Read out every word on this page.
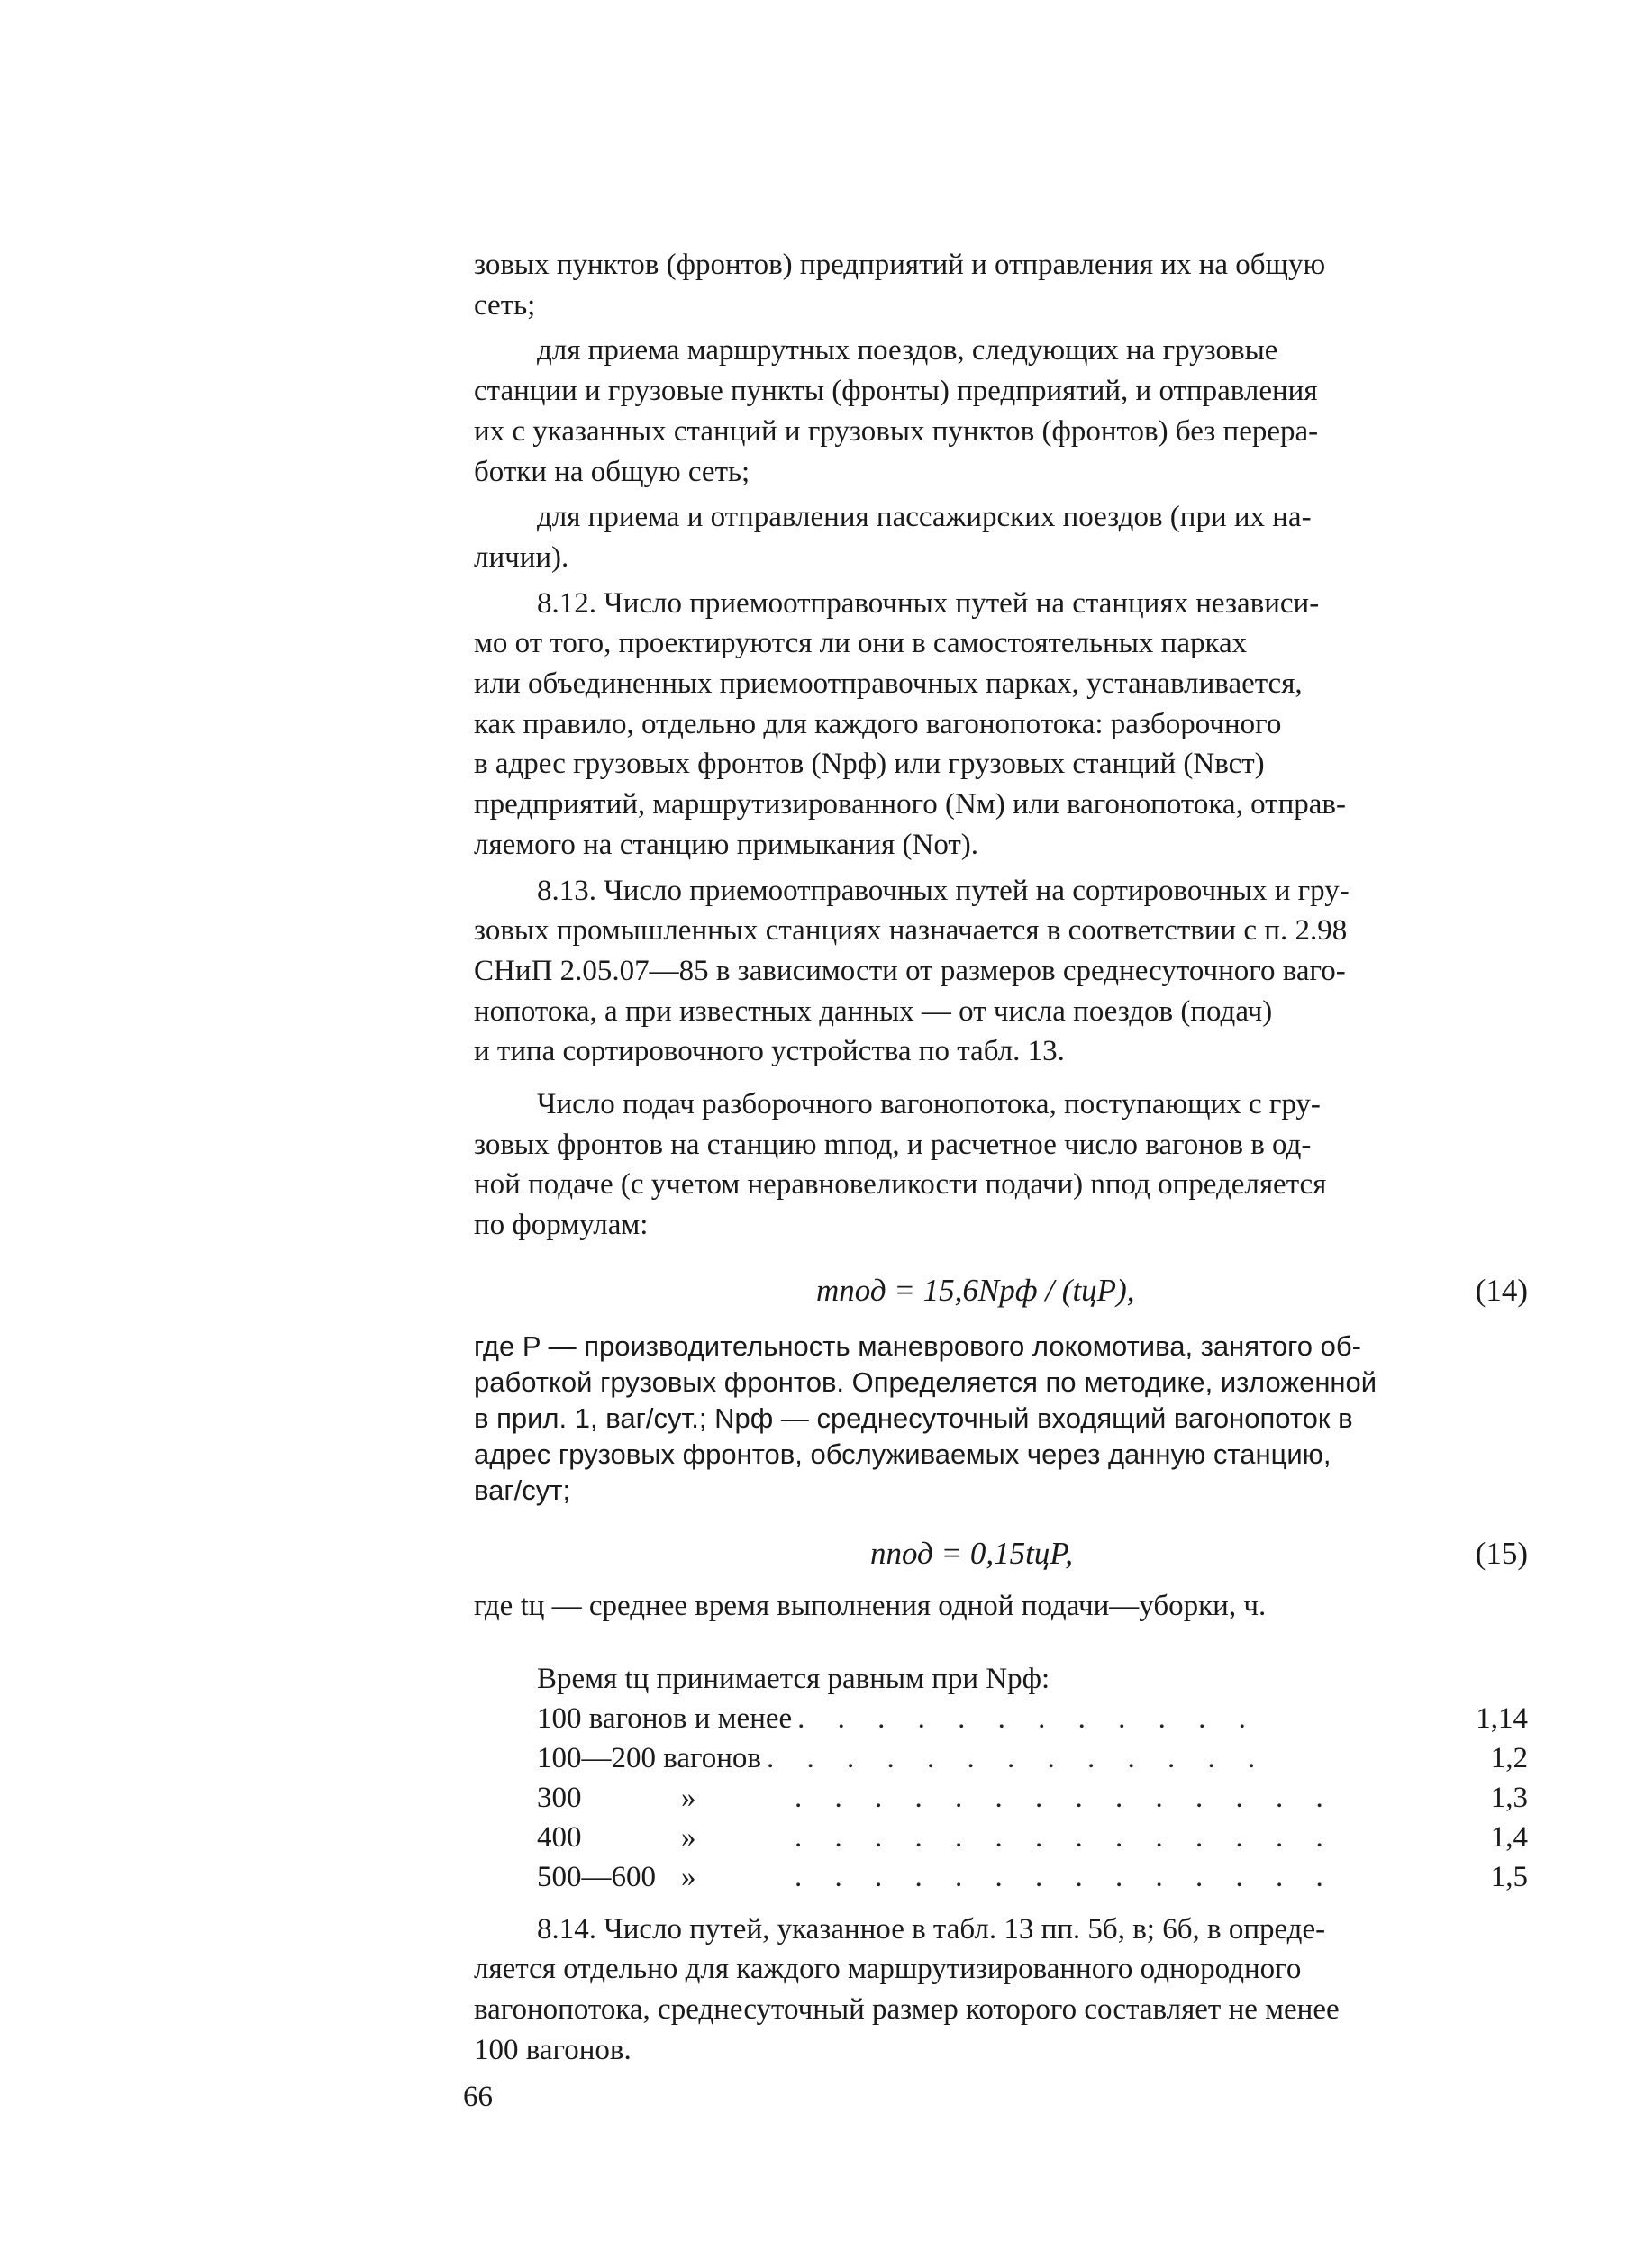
зовых пунктов (фронтов) предприятий и отправления их на общую
сеть;
для приема маршрутных поездов, следующих на грузовые
станции и грузовые пункты (фронты) предприятий, и отправления
их с указанных станций и грузовых пунктов (фронтов) без перера-
ботки на общую сеть;
для приема и отправления пассажирских поездов (при их на-
личии).
8.12. Число приемоотправочных путей на станциях независи-
мо от того, проектируются ли они в самостоятельных парках
или объединенных приемоотправочных парках, устанавливается,
как правило, отдельно для каждого вагонопотока: разборочного
в адрес грузовых фронтов (Nрф) или грузовых станций (Nвст)
предприятий, маршрутизированного (Nм) или вагонопотока, отправ-
ляемого на станцию примыкания (Nот).
8.13. Число приемоотправочных путей на сортировочных и гру-
зовых промышленных станциях назначается в соответствии с п. 2.98
СНиП 2.05.07—85 в зависимости от размеров среднесуточного ваго-
нопотока, а при известных данных — от числа поездов (подач)
и типа сортировочного устройства по табл. 13.
Число подач разборочного вагонопотока, поступающих с гру-
зовых фронтов на станцию mпод, и расчетное число вагонов в од-
ной подаче (с учетом неравновеликости подачи) nпод определяется
по формулам:
mпод = 15,6Nрф / (tцP),	(14)
где P — производительность маневрового локомотива, занятого об-
работкой грузовых фронтов. Определяется по методике, изложенной
в прил. 1, ваг/сут.; Nрф — среднесуточный входящий вагонопоток в
адрес грузовых фронтов, обслуживаемых через данную станцию,
ваг/сут;
nпод = 0,15tцP,	(15)
где tц — среднее время выполнения одной подачи—уборки, ч.
Время tц принимается равным при Nрф:
100 вагонов и менее . . . . . . . . . . . .	1,14
100—200 вагонов . . . . . . . . . . . . .	1,2
300	»	. . . . . . . . . . . . . .	1,3
400	»	. . . . . . . . . . . . . .	1,4
500—600 »	. . . . . . . . . . . . . .	1,5
8.14. Число путей, указанное в табл. 13 пп. 5б, в; 6б, в опреде-
ляется отдельно для каждого маршрутизированного однородного
вагонопотока, среднесуточный размер которого составляет не менее
100 вагонов.
66
